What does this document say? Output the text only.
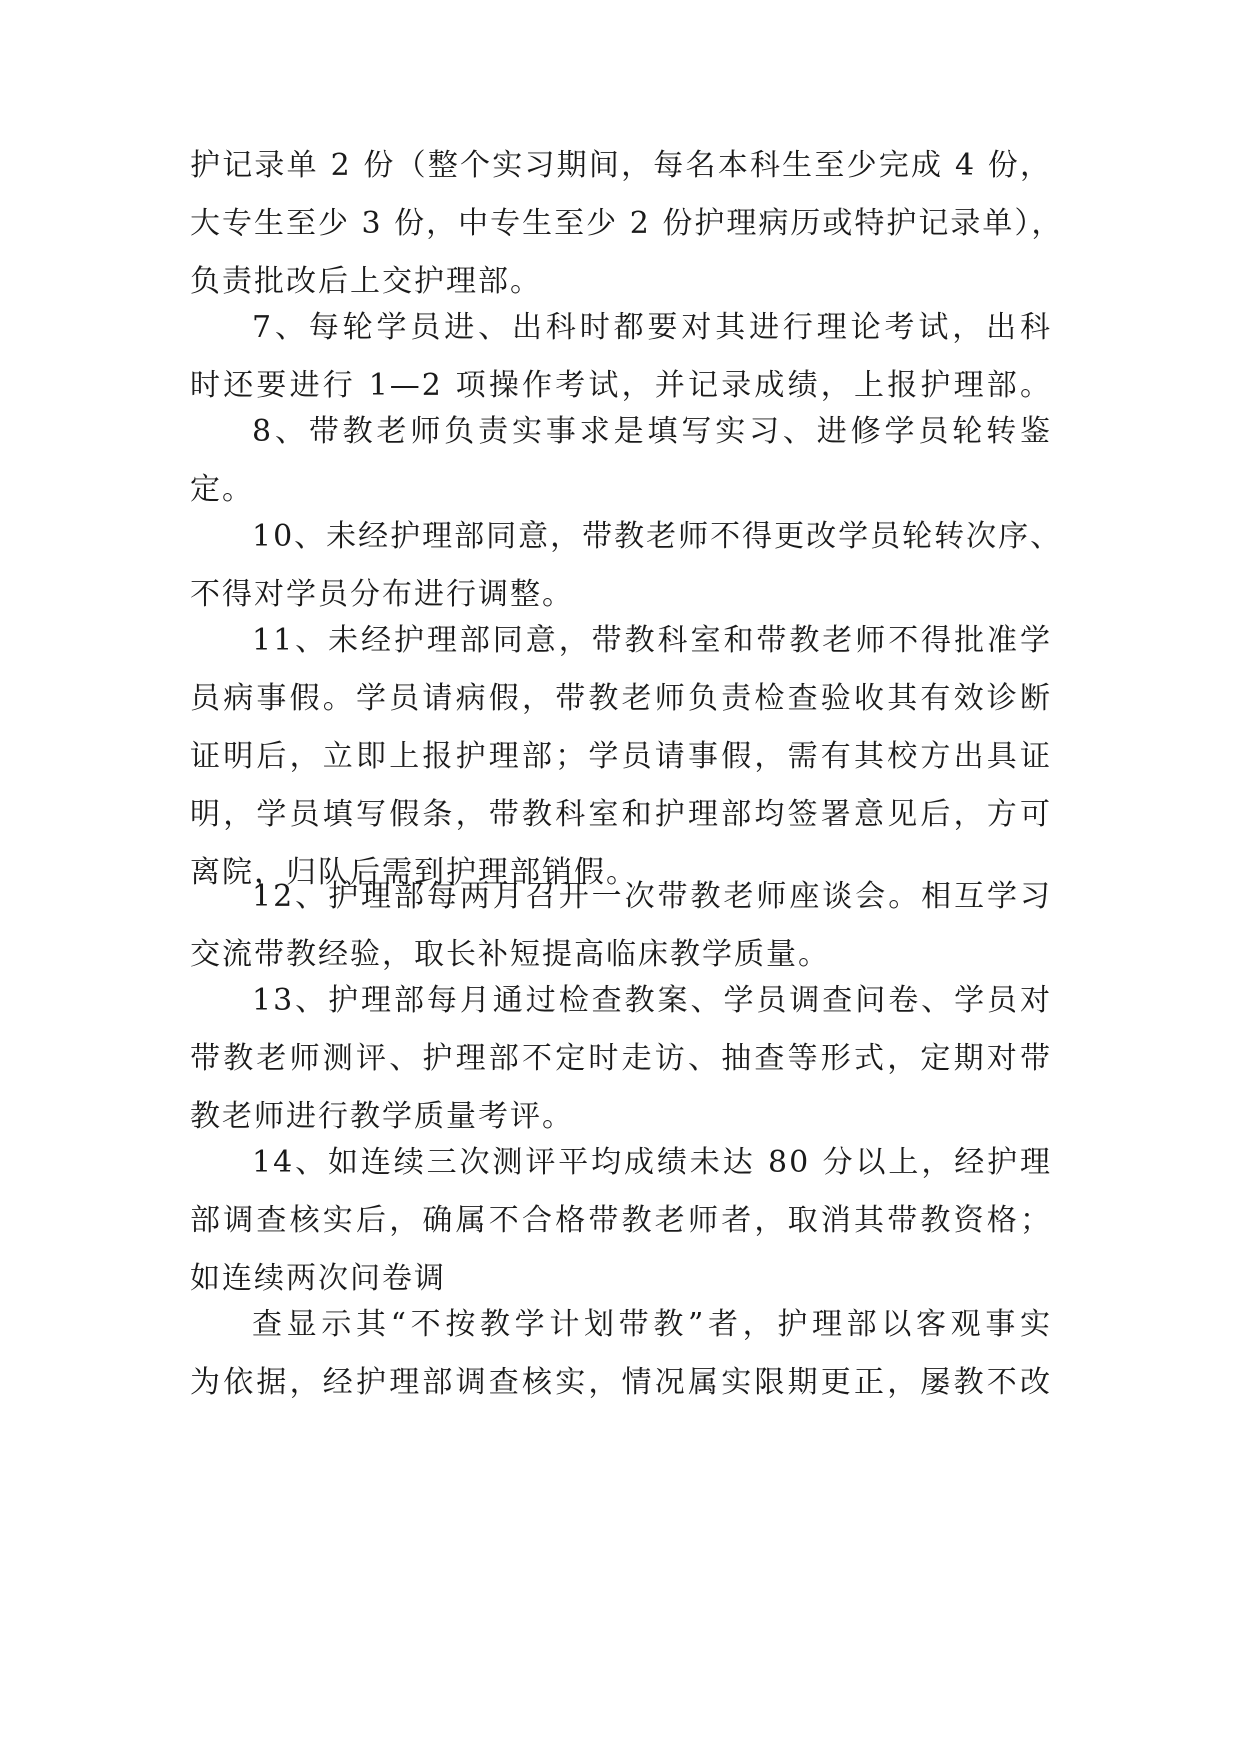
护记录单 2 份（整个实习期间，每名本科生至少完成 4 份，
大专生至少 3 份，中专生至少 2 份护理病历或特护记录单），
负责批改后上交护理部。
7、每轮学员进、出科时都要对其进行理论考试，出科
时还要进行 1—2 项操作考试，并记录成绩，上报护理部。
8、带教老师负责实事求是填写实习、进修学员轮转鉴
定。
10、未经护理部同意，带教老师不得更改学员轮转次序、
不得对学员分布进行调整。
11、未经护理部同意，带教科室和带教老师不得批准学
员病事假。学员请病假，带教老师负责检查验收其有效诊断
证明后，立即上报护理部；学员请事假，需有其校方出具证
明，学员填写假条，带教科室和护理部均签署意见后，方可
离院，归队后需到护理部销假。
12、护理部每两月召开一次带教老师座谈会。相互学习
交流带教经验，取长补短提高临床教学质量。
13、护理部每月通过检查教案、学员调查问卷、学员对
带教老师测评、护理部不定时走访、抽查等形式，定期对带
教老师进行教学质量考评。
14、如连续三次测评平均成绩未达 80 分以上，经护理
部调查核实后，确属不合格带教老师者，取消其带教资格；
如连续两次问卷调
查显示其“不按教学计划带教”者，护理部以客观事实
为依据，经护理部调查核实，情况属实限期更正，屡教不改
